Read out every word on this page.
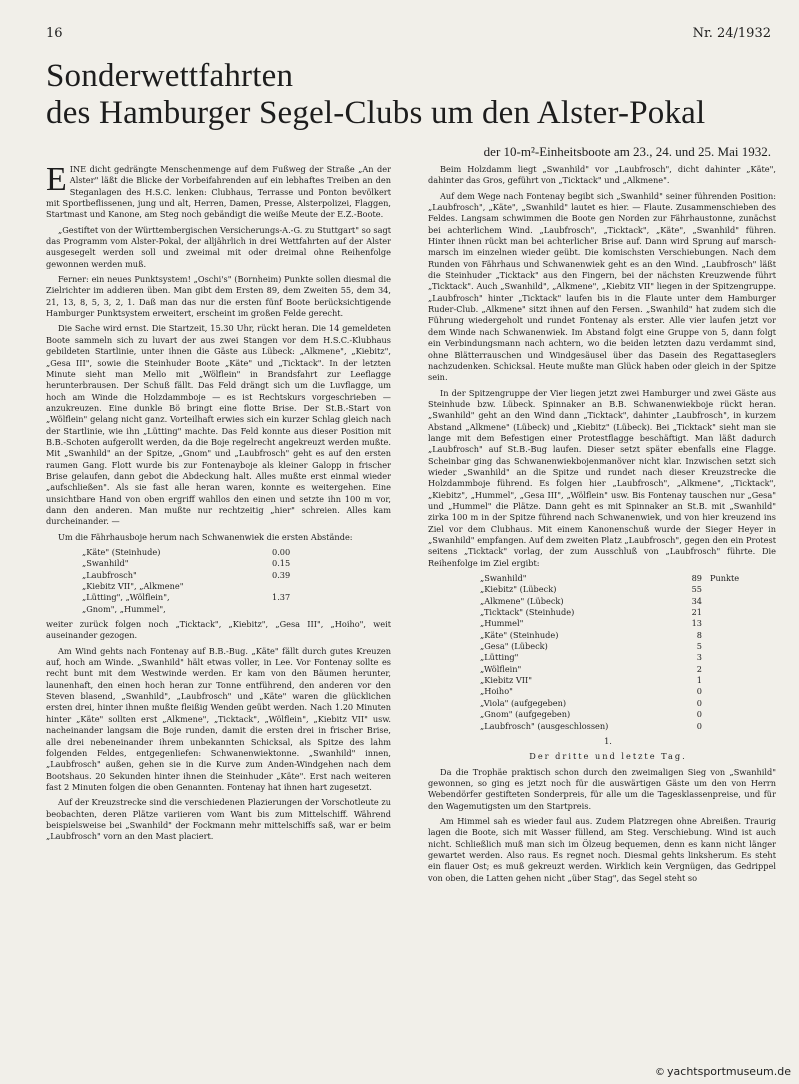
16	Nr. 24/1932
Sonderwettfahrten
des Hamburger Segel-Clubs um den Alster-Pokal
der 10-m²-Einheitsboote am 23., 24. und 25. Mai 1932.

EINE dicht gedrängte Menschenmenge auf dem Fußweg der Straße „An der Alster" läßt die Blicke der Vorbeifahrenden auf ein lebhaftes Treiben an den Steganlagen des H.S.C. lenken: Clubhaus, Terrasse und Ponton bevölkert mit Sportbeflissenen, jung und alt, Herren, Damen, Presse, Alsterpolizei, Flaggen, Startmast und Kanone, am Steg noch gebändigt die weiße Meute der E.Z.-Boote.

„Gestiftet von der Württembergischen Versicherungs-A.-G. zu Stuttgart" so sagt das Programm vom Alster-Pokal, der alljährlich in drei Wettfahrten auf der Alster ausgesegelt werden soll und zweimal mit oder dreimal ohne Reihenfolge gewonnen werden muß.

Ferner: ein neues Punktsystem! „Oschi's" (Bornheim) Punkte sollen diesmal die Zielrichter im addieren üben. Man gibt dem Ersten 89, dem Zweiten 55, dem 34, 21, 13, 8, 5, 3, 2, 1. Daß man das nur die ersten fünf Boote berücksichtigende Hamburger Punktsystem erweitert, erscheint im großen Felde gerecht.

Die Sache wird ernst. Die Startzeit, 15.30 Uhr, rückt heran. Die 14 gemeldeten Boote sammeln sich zu luvart der aus zwei Stangen vor dem H.S.C.-Klubhaus gebildeten Startlinie, unter ihnen die Gäste aus Lübeck: „Alkmene", „Kiebitz", „Gesa III", sowie die Steinhuder Boote „Käte" und „Ticktack". In der letzten Minute sieht man Mello mit „Wölflein" in Brandsfahrt zur Leeflagge herunterbrausen. Der Schuß fällt. Das Feld drängt sich um die Luvflagge, um hoch am Winde die Holzdammboje — es ist Rechtskurs vorgeschrieben — anzukreuzen. Eine dunkle Bö bringt eine flotte Brise. Der St.B.-Start von „Wölflein" gelang nicht ganz. Vorteilhaft erwies sich ein kurzer Schlag gleich nach der Startlinie, wie ihn „Lütting" machte. Das Feld konnte aus dieser Position mit B.B.-Schoten aufgerollt werden, da die Boje regelrecht angekreuzt werden mußte. Mit „Swanhild" an der Spitze, „Gnom" und „Laubfrosch" geht es auf den ersten raumen Gang. Flott wurde bis zur Fontenayboje als kleiner Galopp in frischer Brise gelaufen, dann gebot die Abdeckung halt. Alles mußte erst einmal wieder „aufschließen". Als sie fast alle heran waren, konnte es weitergehen. Eine unsichtbare Hand von oben ergriff wahllos den einen und setzte ihn 100 m vor, dann den anderen. Man mußte nur rechtzeitig „hier" schreien. Alles kam durcheinander. —

Um die Fährhausboje herum nach Schwanenwiek die ersten Abstände:

„Käte" (Steinhude)	0.00
„Swanhild"	0.15
„Laubfrosch"	0.39
„Kiebitz VII", „Alkmene"	
„Lütting", „Wölflein",	1.37
„Gnom", „Hummel",	

weiter zurück folgen noch „Ticktack", „Kiebitz", „Gesa III", „Hoiho", weit auseinander gezogen.

Am Wind gehts nach Fontenay auf B.B.-Bug. „Käte" fällt durch gutes Kreuzen auf, hoch am Winde. „Swanhild" hält etwas voller, in Lee. Vor Fontenay sollte es recht bunt mit dem Westwinde werden. Er kam von den Bäumen herunter, launenhaft, den einen hoch heran zur Tonne entführend, den anderen vor den Steven blasend, „Swanhild", „Laubfrosch" und „Käte" waren die glücklichen ersten drei, hinter ihnen mußte fleißig Wenden geübt werden. Nach 1.20 Minuten hinter „Käte" sollten erst „Alkmene", „Ticktack", „Wölflein", „Kiebitz VII" usw. nacheinander langsam die Boje runden, damit die ersten drei in frischer Brise, alle drei nebeneinander ihrem unbekannten Schicksal, als Spitze des lahm folgenden Feldes, entgegenliefen: Schwanenwiektonne. „Swanhild" innen, „Laubfrosch" außen, gehen sie in die Kurve zum Anden-Windgehen nach dem Bootshaus. 20 Sekunden hinter ihnen die Steinhuder „Käte". Erst nach weiteren fast 2 Minuten folgen die oben Genannten. Fontenay hat ihnen hart zugesetzt.

Auf der Kreuzstrecke sind die verschiedenen Plazierungen der Vorschotleute zu beobachten, deren Plätze variieren vom Want bis zum Mittelschiff. Während beispielsweise bei „Swanhild" der Fockmann mehr mittelschiffs saß, war er beim „Laubfrosch" vorn an den Mast placiert.

Beim Holzdamm liegt „Swanhild" vor „Laubfrosch", dicht dahinter „Käte", dahinter das Gros, geführt von „Ticktack" und „Alkmene".

Auf dem Wege nach Fontenay begibt sich „Swanhild" seiner führenden Position: „Laubfrosch", „Käte", „Swanhild" lautet es hier. — Flaute. Zusammenschieben des Feldes. Langsam schwimmen die Boote gen Norden zur Fährhaustonne, zunächst bei achterlichem Wind. „Laubfrosch", „Ticktack", „Käte", „Swanhild" führen. Hinter ihnen rückt man bei achterlicher Brise auf. Dann wird Sprung auf marsch-marsch im einzelnen wieder geübt. Die komischsten Verschiebungen. Nach dem Runden von Fährhaus und Schwanenwiek geht es an den Wind. „Laubfrosch" läßt die Steinhuder „Ticktack" aus den Fingern, bei der nächsten Kreuzwende führt „Ticktack". Auch „Swanhild", „Alkmene", „Kiebitz VII" liegen in der Spitzengruppe. „Laubfrosch" hinter „Ticktack" laufen bis in die Flaute unter dem Hamburger Ruder-Club. „Alkmene" sitzt ihnen auf den Fersen. „Swanhild" hat zudem sich die Führung wiedergeholt und rundet Fontenay als erster. Alle vier laufen jetzt vor dem Winde nach Schwanenwiek. Im Abstand folgt eine Gruppe von 5, dann folgt ein Verbindungsmann nach achtern, wo die beiden letzten dazu verdammt sind, ohne Blätterrauschen und Windgesäusel über das Dasein des Regattaseglers nachzudenken. Schicksal. Heute mußte man Glück haben oder gleich in der Spitze sein.

In der Spitzengruppe der Vier liegen jetzt zwei Hamburger und zwei Gäste aus Steinhude bzw. Lübeck. Spinnaker an B.B. Schwanenwiekboje rückt heran. „Swanhild" geht an den Wind dann „Ticktack", dahinter „Laubfrosch", in kurzem Abstand „Alkmene" (Lübeck) und „Kiebitz" (Lübeck). Bei „Ticktack" sieht man sie lange mit dem Befestigen einer Protestflagge beschäftigt. Man läßt dadurch „Laubfrosch" auf St.B.-Bug laufen. Dieser setzt später ebenfalls eine Flagge. Scheinbar ging das Schwanenwiekbojenmanöver nicht klar. Inzwischen setzt sich wieder „Swanhild" an die Spitze und rundet nach dieser Kreuzstrecke die Holzdammboje führend. Es folgen hier „Laubfrosch", „Alkmene", „Ticktack", „Kiebitz", „Hummel", „Gesa III", „Wölflein" usw. Bis Fontenay tauschen nur „Gesa" und „Hummel" die Plätze. Dann geht es mit Spinnaker an St.B. mit „Swanhild" zirka 100 m in der Spitze führend nach Schwanenwiek, und von hier kreuzend ins Ziel vor dem Clubhaus. Mit einem Kanonenschuß wurde der Sieger Heyer in „Swanhild" empfangen. Auf dem zweiten Platz „Laubfrosch", gegen den ein Protest seitens „Ticktack" vorlag, der zum Ausschluß von „Laubfrosch" führte. Die Reihenfolge im Ziel ergibt:

„Swanhild"	89	Punkte
„Kiebitz" (Lübeck)	55	
„Alkmene" (Lübeck)	34	
„Ticktack" (Steinhude)	21	
„Hummel"	13	
„Käte" (Steinhude)	8	
„Gesa" (Lübeck)	5	
„Lütting"	3	
„Wölflein"	2	
„Kiebitz VII"	1	
„Hoiho"	0	
„Viola" (aufgegeben)	0	
„Gnom" (aufgegeben)	0	
„Laubfrosch" (ausgeschlossen)	0	

1.

Der dritte und letzte Tag.

Da die Trophäe praktisch schon durch den zweimaligen Sieg von „Swanhild" gewonnen, so ging es jetzt noch für die auswärtigen Gäste um den von Herrn Webendörfer gestifteten Sonderpreis, für alle um die Tagesklassenpreise, und für den Wagemutigsten um den Startpreis.

Am Himmel sah es wieder faul aus. Zudem Platzregen ohne Abreißen. Traurig lagen die Boote, sich mit Wasser füllend, am Steg. Verschiebung. Wind ist auch nicht. Schließlich muß man sich im Ölzeug bequemen, denn es kann nicht länger gewartet werden. Also raus. Es regnet noch. Diesmal gehts linksherum. Es steht ein flauer Ost; es muß gekreuzt werden. Wirklich kein Vergnügen, das Gedrippel von oben, die Latten gehen nicht „über Stag", das Segel steht so

© yachtsportmuseum.de
